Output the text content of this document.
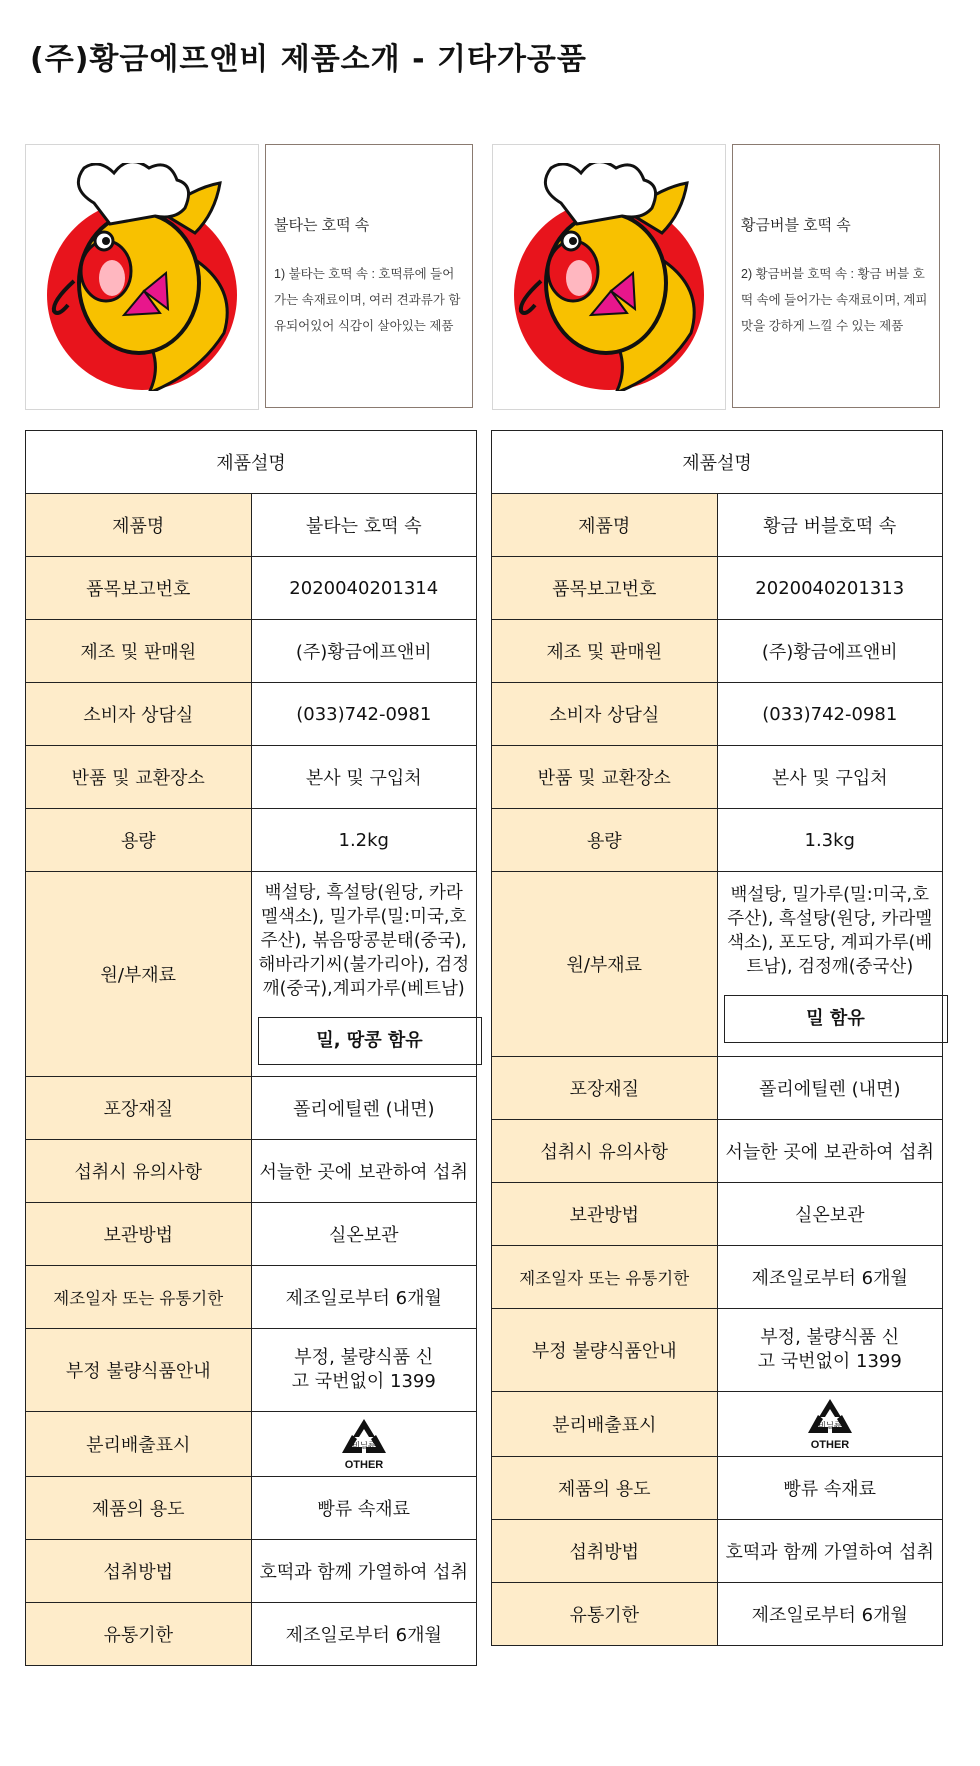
(주)황금에프앤비 제품소개 - 기타가공품
불타는 호떡 속
1) 불타는 호떡 속 : 호떡류에 들어가는 속재료이며, 여러 견과류가 함유되어있어 식감이 살아있는 제품
황금버블 호떡 속
2) 황금버블 호떡 속 : 황금 버블 호떡 속에 들어가는 속재료이며, 계피맛을 강하게 느낄 수 있는 제품
제품설명	
제품명	불타는 호떡 속
품목보고번호	2020040201314
제조 및 판매원	(주)황금에프앤비
소비자 상담실	(033)742-0981
반품 및 교환장소	본사 및 구입처
용량	1.2kg
원/부재료	백설탕, 흑설탕(원당, 카라멜색소), 밀가루(밀:미국,호주산), 볶음땅콩분태(중국), 해바라기씨(불가리아), 검정깨(중국),계피가루(베트남)
밀, 땅콩 함유

포장재질	폴리에틸렌 (내면)
섭취시 유의사항	서늘한 곳에 보관하여 섭취
보관방법	실온보관
제조일자 또는 유통기한	제조일로부터 6개월
부정 불량식품안내	부정, 불량식품 신고 국번없이 1399
분리배출표시	비닐류
OTHER

제품의 용도	빵류 속재료
섭취방법	호떡과 함께 가열하여 섭취
유통기한	제조일로부터 6개월
제품설명	
제품명	황금 버블호떡 속
품목보고번호	2020040201313
제조 및 판매원	(주)황금에프앤비
소비자 상담실	(033)742-0981
반품 및 교환장소	본사 및 구입처
용량	1.3kg
원/부재료	백설탕, 밀가루(밀:미국,호주산), 흑설탕(원당, 카라멜색소), 포도당, 계피가루(베트남), 검정깨(중국산)
밀 함유

포장재질	폴리에틸렌 (내면)
섭취시 유의사항	서늘한 곳에 보관하여 섭취
보관방법	실온보관
제조일자 또는 유통기한	제조일로부터 6개월
부정 불량식품안내	부정, 불량식품 신고 국번없이 1399
분리배출표시	비닐류
OTHER

제품의 용도	빵류 속재료
섭취방법	호떡과 함께 가열하여 섭취
유통기한	제조일로부터 6개월
